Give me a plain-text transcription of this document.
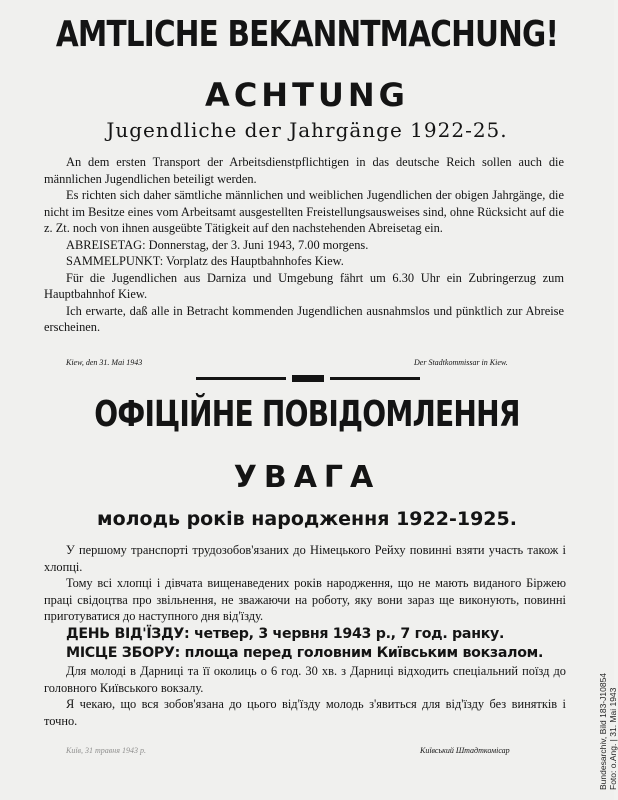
AMTLICHE BEKANNTMACHUNG!
ACHTUNG
Jugendliche der Jahrgänge 1922-25.

An dem ersten Transport der Arbeitsdienstpflichtigen in das deutsche Reich sollen auch die männlichen Jugendlichen beteiligt werden.

Es richten sich daher sämtliche männlichen und weiblichen Jugendlichen der obigen Jahrgänge, die nicht im Besitze eines vom Arbeitsamt ausgestellten Freistellungsausweises sind, ohne Rücksicht auf die z. Zt. noch von ihnen ausgeübte Tätigkeit auf den nachstehenden Abreisetag ein.

ABREISETAG: Donnerstag, der 3. Juni 1943, 7.00 morgens.

SAMMELPUNKT: Vorplatz des Hauptbahnhofes Kiew.

Für die Jugendlichen aus Darniza und Umgebung fährt um 6.30 Uhr ein Zubringerzug zum Hauptbahnhof Kiew.

Ich erwarte, daß alle in Betracht kommenden Jugendlichen ausnahmslos und pünktlich zur Abreise erscheinen.

Kiew, den 31. Mai 1943	Der Stadtkommissar in Kiew.
ОФІЦІЙНЕ ПОВІДОМЛЕННЯ
УВАГА
молодь років народження 1922-1925.

У першому транспорті трудозобов'язаних до Німецького Рейху повинні взяти участь також і хлопці.

Тому всі хлопці і дівчата вищенаведених років народження, що не мають виданого Біржею праці свідоцтва про звільнення, не зважаючи на роботу, яку вони зараз ще виконують, повинні приготуватися до наступного дня від'їзду.

ДЕНЬ ВІД'ЇЗДУ: четвер, 3 червня 1943 р., 7 год. ранку.

МІСЦЕ ЗБОРУ: площа перед головним Київським вокзалом.

Для молоді в Дарниці та її околиць о 6 год. 30 хв. з Дарниці відходить спеціальний поїзд до головного Київського вокзалу.

Я чекаю, що вся зобов'язана до цього від'їзду молодь з'явиться для від'їзду без винятків і точно.

Київ, 31 травня 1943 р.	Київський Штадткомісар	Bundesarchiv, Bild 183-J10854 Foto: o.Ang. | 31. Mai 1943
